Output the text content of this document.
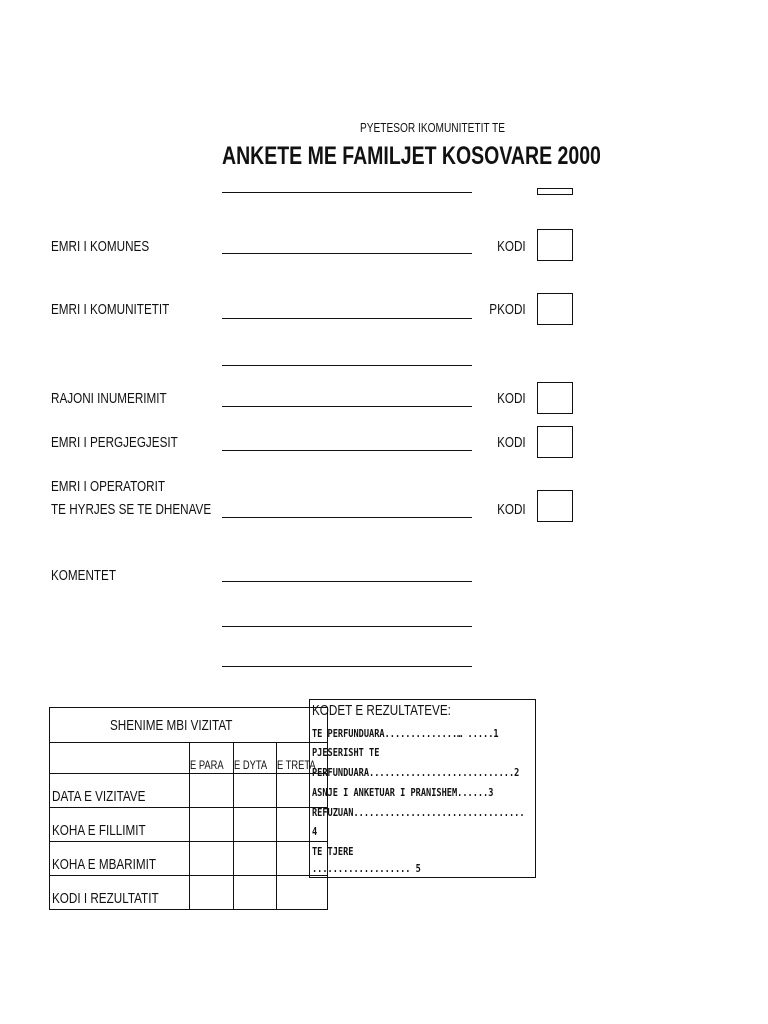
PYETESOR IKOMUNITETIT TE
ANKETE ME FAMILJET KOSOVARE 2000
EMRI I KOMUNES	KODI
EMRI I KOMUNITETIT	PKODI
RAJONI INUMERIMIT	KODI
EMRI I PERGJEGJESIT	KODI
EMRI I OPERATORIT
TE HYRJES SE TE DHENAVE	KODI
KOMENTET
SHENIME MBI VIZITAT			
	E PARA	E DYTA	E TRETA
DATA E VIZITAVE			
KOHA E FILLIMIT			
KOHA E MBARIMIT			
KODI I REZULTATIT			
KODET E REZULTATEVE:
TE PERFUNDUARA..............… .....1
PJESERISHT TE
PERFUNDUARA............................2
ASNJE I ANKETUAR I PRANISHEM......3
REFUZUAN.................................
4
TE TJERE
................... 5
